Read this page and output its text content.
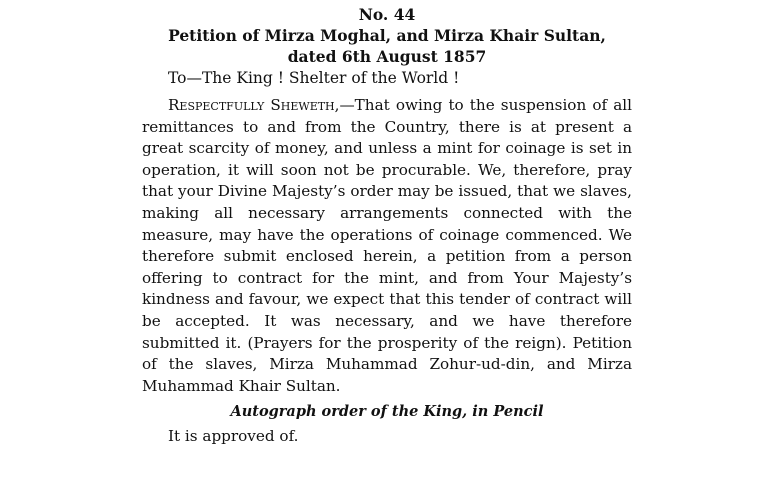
No. 44

Petition of Mirza Moghal, and Mirza Khair Sultan,

dated 6th August 1857

To—The King ! Shelter of the World !

Respectfully Sheweth,—That owing to the suspension of all remittances to and from the Country, there is at present a great scarcity of money, and unless a mint for coinage is set in operation, it will soon not be procurable. We, therefore, pray that your Divine Majesty’s order may be issued, that we slaves, making all necessary arrangements connected with the measure, may have the operations of coinage commenced. We therefore submit enclosed herein, a petition from a person offering to contract for the mint, and from Your Majesty’s kindness and favour, we expect that this tender of contract will be accepted. It was necessary, and we have therefore submitted it. (Prayers for the prosperity of the reign). Petition of the slaves, Mirza Muhammad Zohur-ud-din, and Mirza Muhammad Khair Sultan.

Autograph order of the King, in Pencil

It is approved of.
